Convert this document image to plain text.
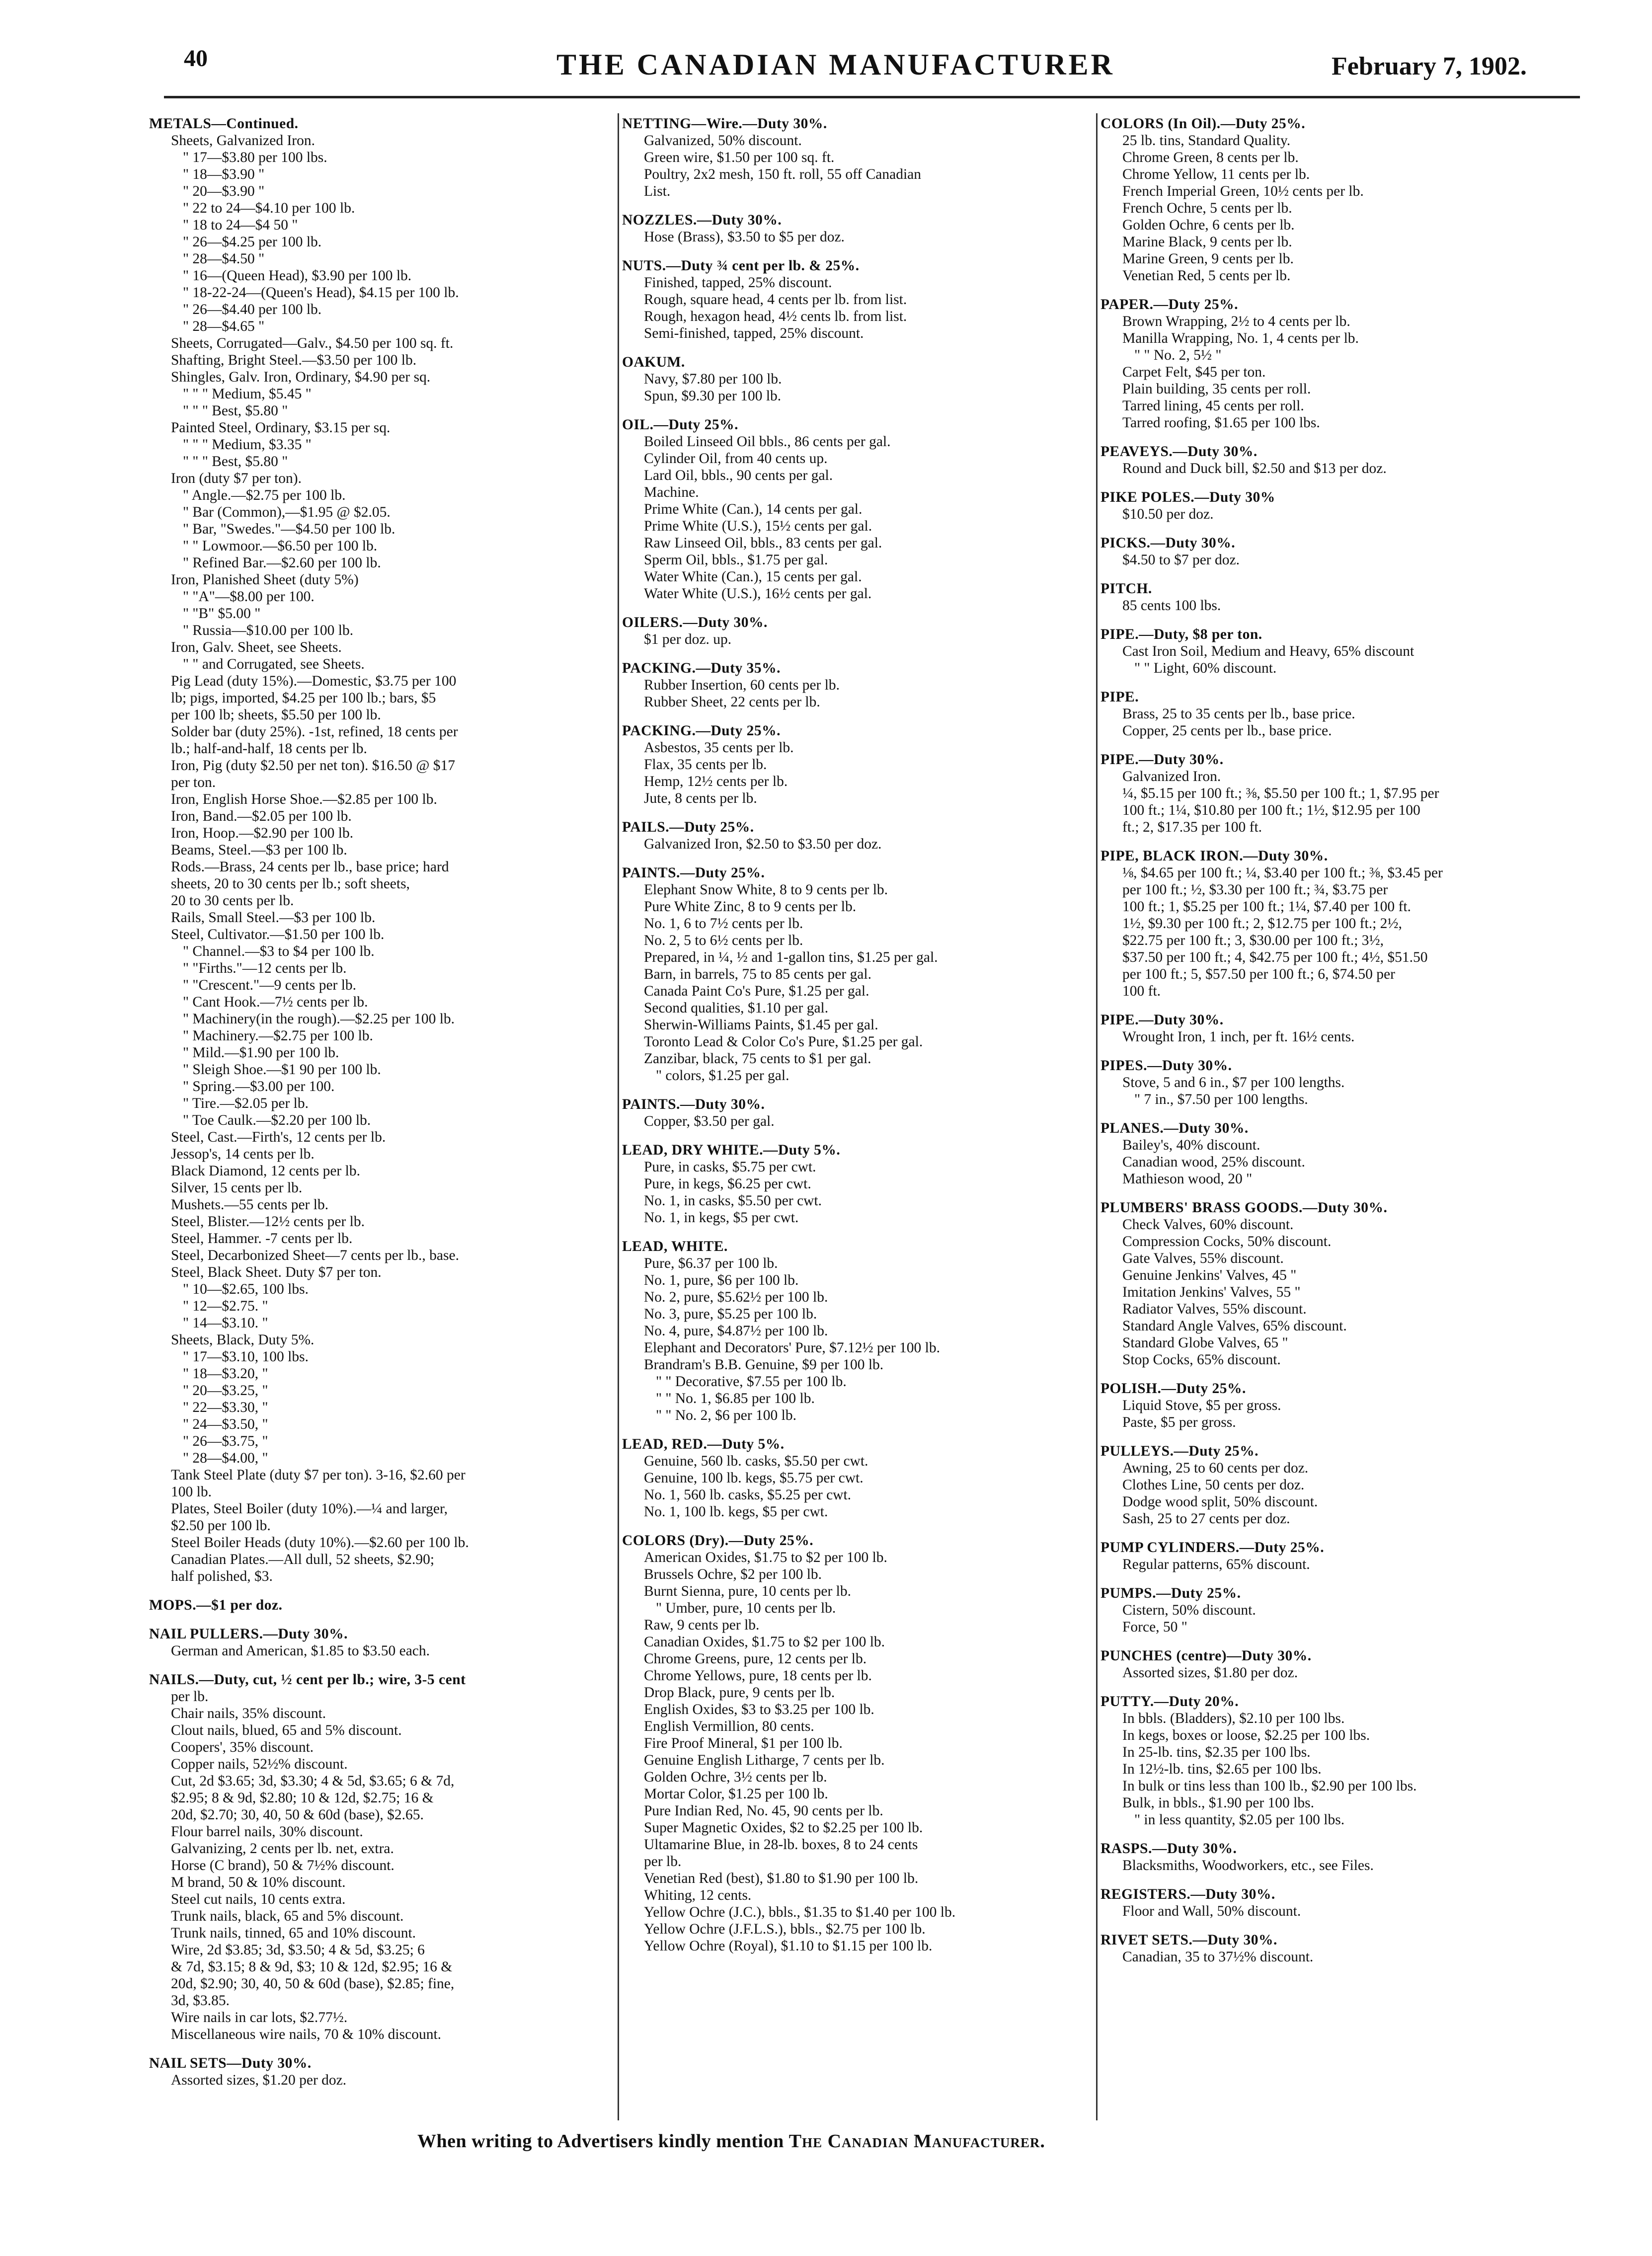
40	THE CANADIAN MANUFACTURER	February 7, 1902.
METALS—Continued.
Sheets, Galvanized Iron.
" 17—$3.80 per 100 lbs.
" 18—$3.90 "
" 20—$3.90 "
" 22 to 24—$4.10 per 100 lb.
" 18 to 24—$4 50 "
" 26—$4.25 per 100 lb.
" 28—$4.50 "
" 16—(Queen Head), $3.90 per 100 lb.
" 18-22-24—(Queen's Head), $4.15 per 100 lb.
" 26—$4.40 per 100 lb.
" 28—$4.65 "
Sheets, Corrugated—Galv., $4.50 per 100 sq. ft.
Shafting, Bright Steel.—$3.50 per 100 lb.
Shingles, Galv. Iron, Ordinary, $4.90 per sq.
" " " Medium, $5.45 "
" " " Best, $5.80 "
Painted Steel, Ordinary, $3.15 per sq.
" " " Medium, $3.35 "
" " " Best, $5.80 "
Iron (duty $7 per ton).
" Angle.—$2.75 per 100 lb.
" Bar (Common),—$1.95 @ $2.05.
" Bar, "Swedes."—$4.50 per 100 lb.
" " Lowmoor.—$6.50 per 100 lb.
" Refined Bar.—$2.60 per 100 lb.
Iron, Planished Sheet (duty 5%)
" "A"—$8.00 per 100.
" "B" $5.00 "
" Russia—$10.00 per 100 lb.
Iron, Galv. Sheet, see Sheets.
" " and Corrugated, see Sheets.
Pig Lead (duty 15%).—Domestic, $3.75 per 100
lb; pigs, imported, $4.25 per 100 lb.; bars, $5
per 100 lb; sheets, $5.50 per 100 lb.
Solder bar (duty 25%). -1st, refined, 18 cents per
lb.; half-and-half, 18 cents per lb.
Iron, Pig (duty $2.50 per net ton). $16.50 @ $17
per ton.
Iron, English Horse Shoe.—$2.85 per 100 lb.
Iron, Band.—$2.05 per 100 lb.
Iron, Hoop.—$2.90 per 100 lb.
Beams, Steel.—$3 per 100 lb.
Rods.—Brass, 24 cents per lb., base price; hard
sheets, 20 to 30 cents per lb.; soft sheets,
20 to 30 cents per lb.
Rails, Small Steel.—$3 per 100 lb.
Steel, Cultivator.—$1.50 per 100 lb.
" Channel.—$3 to $4 per 100 lb.
" "Firths."—12 cents per lb.
" "Crescent."—9 cents per lb.
" Cant Hook.—7½ cents per lb.
" Machinery(in the rough).—$2.25 per 100 lb.
" Machinery.—$2.75 per 100 lb.
" Mild.—$1.90 per 100 lb.
" Sleigh Shoe.—$1 90 per 100 lb.
" Spring.—$3.00 per 100.
" Tire.—$2.05 per lb.
" Toe Caulk.—$2.20 per 100 lb.
Steel, Cast.—Firth's, 12 cents per lb.
Jessop's, 14 cents per lb.
Black Diamond, 12 cents per lb.
Silver, 15 cents per lb.
Mushets.—55 cents per lb.
Steel, Blister.—12½ cents per lb.
Steel, Hammer. -7 cents per lb.
Steel, Decarbonized Sheet—7 cents per lb., base.
Steel, Black Sheet. Duty $7 per ton.
" 10—$2.65, 100 lbs.
" 12—$2.75. "
" 14—$3.10. "
Sheets, Black, Duty 5%.
" 17—$3.10, 100 lbs.
" 18—$3.20, "
" 20—$3.25, "
" 22—$3.30, "
" 24—$3.50, "
" 26—$3.75, "
" 28—$4.00, "
Tank Steel Plate (duty $7 per ton). 3-16, $2.60 per
100 lb.
Plates, Steel Boiler (duty 10%).—¼ and larger,
$2.50 per 100 lb.
Steel Boiler Heads (duty 10%).—$2.60 per 100 lb.
Canadian Plates.—All dull, 52 sheets, $2.90;
half polished, $3.
MOPS.—$1 per doz.
NAIL PULLERS.—Duty 30%.
German and American, $1.85 to $3.50 each.
NAILS.—Duty, cut, ½ cent per lb.; wire, 3-5 cent
per lb.
Chair nails, 35% discount.
Clout nails, blued, 65 and 5% discount.
Coopers', 35% discount.
Copper nails, 52½% discount.
Cut, 2d $3.65; 3d, $3.30; 4 & 5d, $3.65; 6 & 7d,
$2.95; 8 & 9d, $2.80; 10 & 12d, $2.75; 16 &
20d, $2.70; 30, 40, 50 & 60d (base), $2.65.
Flour barrel nails, 30% discount.
Galvanizing, 2 cents per lb. net, extra.
Horse (C brand), 50 & 7½% discount.
M brand, 50 & 10% discount.
Steel cut nails, 10 cents extra.
Trunk nails, black, 65 and 5% discount.
Trunk nails, tinned, 65 and 10% discount.
Wire, 2d $3.85; 3d, $3.50; 4 & 5d, $3.25; 6
& 7d, $3.15; 8 & 9d, $3; 10 & 12d, $2.95; 16 &
20d, $2.90; 30, 40, 50 & 60d (base), $2.85; fine,
3d, $3.85.
Wire nails in car lots, $2.77½.
Miscellaneous wire nails, 70 & 10% discount.
NAIL SETS—Duty 30%.
Assorted sizes, $1.20 per doz.
NETTING—Wire.—Duty 30%.
Galvanized, 50% discount.
Green wire, $1.50 per 100 sq. ft.
Poultry, 2x2 mesh, 150 ft. roll, 55 off Canadian
List.
NOZZLES.—Duty 30%.
Hose (Brass), $3.50 to $5 per doz.
NUTS.—Duty ¾ cent per lb. & 25%.
Finished, tapped, 25% discount.
Rough, square head, 4 cents per lb. from list.
Rough, hexagon head, 4½ cents lb. from list.
Semi-finished, tapped, 25% discount.
OAKUM.
Navy, $7.80 per 100 lb.
Spun, $9.30 per 100 lb.
OIL.—Duty 25%.
Boiled Linseed Oil bbls., 86 cents per gal.
Cylinder Oil, from 40 cents up.
Lard Oil, bbls., 90 cents per gal.
Machine.
Prime White (Can.), 14 cents per gal.
Prime White (U.S.), 15½ cents per gal.
Raw Linseed Oil, bbls., 83 cents per gal.
Sperm Oil, bbls., $1.75 per gal.
Water White (Can.), 15 cents per gal.
Water White (U.S.), 16½ cents per gal.
OILERS.—Duty 30%.
$1 per doz. up.
PACKING.—Duty 35%.
Rubber Insertion, 60 cents per lb.
Rubber Sheet, 22 cents per lb.
PACKING.—Duty 25%.
Asbestos, 35 cents per lb.
Flax, 35 cents per lb.
Hemp, 12½ cents per lb.
Jute, 8 cents per lb.
PAILS.—Duty 25%.
Galvanized Iron, $2.50 to $3.50 per doz.
PAINTS.—Duty 25%.
Elephant Snow White, 8 to 9 cents per lb.
Pure White Zinc, 8 to 9 cents per lb.
No. 1, 6 to 7½ cents per lb.
No. 2, 5 to 6½ cents per lb.
Prepared, in ¼, ½ and 1-gallon tins, $1.25 per gal.
Barn, in barrels, 75 to 85 cents per gal.
Canada Paint Co's Pure, $1.25 per gal.
Second qualities, $1.10 per gal.
Sherwin-Williams Paints, $1.45 per gal.
Toronto Lead & Color Co's Pure, $1.25 per gal.
Zanzibar, black, 75 cents to $1 per gal.
" colors, $1.25 per gal.
PAINTS.—Duty 30%.
Copper, $3.50 per gal.
LEAD, DRY WHITE.—Duty 5%.
Pure, in casks, $5.75 per cwt.
Pure, in kegs, $6.25 per cwt.
No. 1, in casks, $5.50 per cwt.
No. 1, in kegs, $5 per cwt.
LEAD, WHITE.
Pure, $6.37 per 100 lb.
No. 1, pure, $6 per 100 lb.
No. 2, pure, $5.62½ per 100 lb.
No. 3, pure, $5.25 per 100 lb.
No. 4, pure, $4.87½ per 100 lb.
Elephant and Decorators' Pure, $7.12½ per 100 lb.
Brandram's B.B. Genuine, $9 per 100 lb.
" " Decorative, $7.55 per 100 lb.
" " No. 1, $6.85 per 100 lb.
" " No. 2, $6 per 100 lb.
LEAD, RED.—Duty 5%.
Genuine, 560 lb. casks, $5.50 per cwt.
Genuine, 100 lb. kegs, $5.75 per cwt.
No. 1, 560 lb. casks, $5.25 per cwt.
No. 1, 100 lb. kegs, $5 per cwt.
COLORS (Dry).—Duty 25%.
American Oxides, $1.75 to $2 per 100 lb.
Brussels Ochre, $2 per 100 lb.
Burnt Sienna, pure, 10 cents per lb.
" Umber, pure, 10 cents per lb.
Raw, 9 cents per lb.
Canadian Oxides, $1.75 to $2 per 100 lb.
Chrome Greens, pure, 12 cents per lb.
Chrome Yellows, pure, 18 cents per lb.
Drop Black, pure, 9 cents per lb.
English Oxides, $3 to $3.25 per 100 lb.
English Vermillion, 80 cents.
Fire Proof Mineral, $1 per 100 lb.
Genuine English Litharge, 7 cents per lb.
Golden Ochre, 3½ cents per lb.
Mortar Color, $1.25 per 100 lb.
Pure Indian Red, No. 45, 90 cents per lb.
Super Magnetic Oxides, $2 to $2.25 per 100 lb.
Ultamarine Blue, in 28-lb. boxes, 8 to 24 cents
per lb.
Venetian Red (best), $1.80 to $1.90 per 100 lb.
Whiting, 12 cents.
Yellow Ochre (J.C.), bbls., $1.35 to $1.40 per 100 lb.
Yellow Ochre (J.F.L.S.), bbls., $2.75 per 100 lb.
Yellow Ochre (Royal), $1.10 to $1.15 per 100 lb.
COLORS (In Oil).—Duty 25%.
25 lb. tins, Standard Quality.
Chrome Green, 8 cents per lb.
Chrome Yellow, 11 cents per lb.
French Imperial Green, 10½ cents per lb.
French Ochre, 5 cents per lb.
Golden Ochre, 6 cents per lb.
Marine Black, 9 cents per lb.
Marine Green, 9 cents per lb.
Venetian Red, 5 cents per lb.
PAPER.—Duty 25%.
Brown Wrapping, 2½ to 4 cents per lb.
Manilla Wrapping, No. 1, 4 cents per lb.
" " No. 2, 5½ "
Carpet Felt, $45 per ton.
Plain building, 35 cents per roll.
Tarred lining, 45 cents per roll.
Tarred roofing, $1.65 per 100 lbs.
PEAVEYS.—Duty 30%.
Round and Duck bill, $2.50 and $13 per doz.
PIKE POLES.—Duty 30%
$10.50 per doz.
PICKS.—Duty 30%.
$4.50 to $7 per doz.
PITCH.
85 cents 100 lbs.
PIPE.—Duty, $8 per ton.
Cast Iron Soil, Medium and Heavy, 65% discount
" " Light, 60% discount.
PIPE.
Brass, 25 to 35 cents per lb., base price.
Copper, 25 cents per lb., base price.
PIPE.—Duty 30%.
Galvanized Iron.
¼, $5.15 per 100 ft.; ⅜, $5.50 per 100 ft.; 1, $7.95 per
100 ft.; 1¼, $10.80 per 100 ft.; 1½, $12.95 per 100
ft.; 2, $17.35 per 100 ft.
PIPE, BLACK IRON.—Duty 30%.
⅛, $4.65 per 100 ft.; ¼, $3.40 per 100 ft.; ⅜, $3.45 per
per 100 ft.; ½, $3.30 per 100 ft.; ¾, $3.75 per
100 ft.; 1, $5.25 per 100 ft.; 1¼, $7.40 per 100 ft.
1½, $9.30 per 100 ft.; 2, $12.75 per 100 ft.; 2½,
$22.75 per 100 ft.; 3, $30.00 per 100 ft.; 3½,
$37.50 per 100 ft.; 4, $42.75 per 100 ft.; 4½, $51.50
per 100 ft.; 5, $57.50 per 100 ft.; 6, $74.50 per
100 ft.
PIPE.—Duty 30%.
Wrought Iron, 1 inch, per ft. 16½ cents.
PIPES.—Duty 30%.
Stove, 5 and 6 in., $7 per 100 lengths.
" 7 in., $7.50 per 100 lengths.
PLANES.—Duty 30%.
Bailey's, 40% discount.
Canadian wood, 25% discount.
Mathieson wood, 20 "
PLUMBERS' BRASS GOODS.—Duty 30%.
Check Valves, 60% discount.
Compression Cocks, 50% discount.
Gate Valves, 55% discount.
Genuine Jenkins' Valves, 45 "
Imitation Jenkins' Valves, 55 "
Radiator Valves, 55% discount.
Standard Angle Valves, 65% discount.
Standard Globe Valves, 65 "
Stop Cocks, 65% discount.
POLISH.—Duty 25%.
Liquid Stove, $5 per gross.
Paste, $5 per gross.
PULLEYS.—Duty 25%.
Awning, 25 to 60 cents per doz.
Clothes Line, 50 cents per doz.
Dodge wood split, 50% discount.
Sash, 25 to 27 cents per doz.
PUMP CYLINDERS.—Duty 25%.
Regular patterns, 65% discount.
PUMPS.—Duty 25%.
Cistern, 50% discount.
Force, 50 "
PUNCHES (centre)—Duty 30%.
Assorted sizes, $1.80 per doz.
PUTTY.—Duty 20%.
In bbls. (Bladders), $2.10 per 100 lbs.
In kegs, boxes or loose, $2.25 per 100 lbs.
In 25-lb. tins, $2.35 per 100 lbs.
In 12½-lb. tins, $2.65 per 100 lbs.
In bulk or tins less than 100 lb., $2.90 per 100 lbs.
Bulk, in bbls., $1.90 per 100 lbs.
" in less quantity, $2.05 per 100 lbs.
RASPS.—Duty 30%.
Blacksmiths, Woodworkers, etc., see Files.
REGISTERS.—Duty 30%.
Floor and Wall, 50% discount.
RIVET SETS.—Duty 30%.
Canadian, 35 to 37½% discount.
When writing to Advertisers kindly mention The Canadian Manufacturer.
